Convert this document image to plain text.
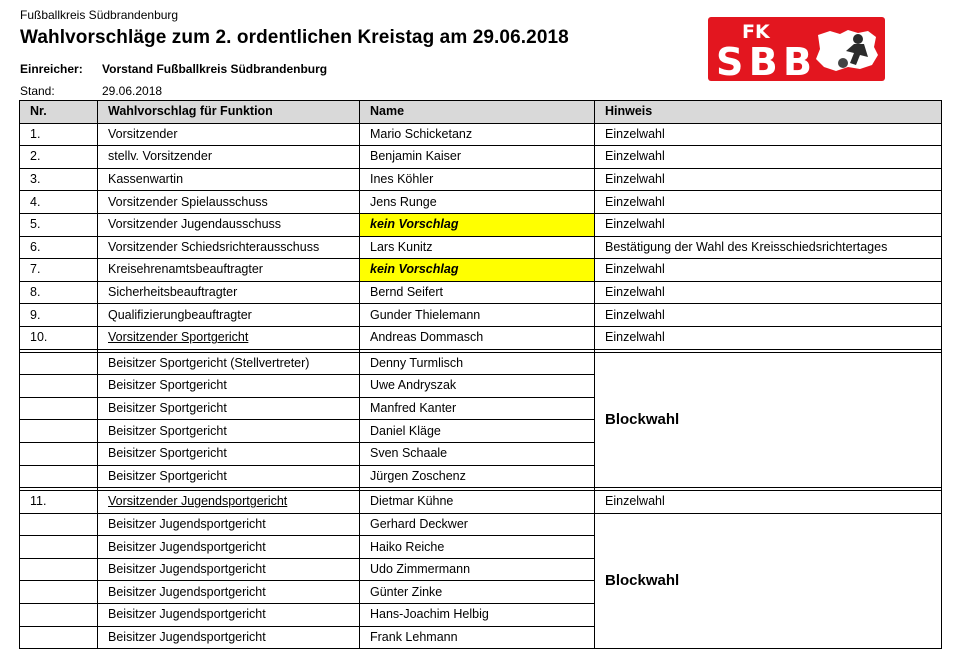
Fußballkreis Südbrandenburg
Wahlvorschläge zum 2. ordentlichen Kreistag am 29.06.2018
Einreicher: Vorstand Fußballkreis Südbrandenburg
Stand:	29.06.2018
FK
SBB
Nr.	Wahlvorschlag für Funktion	Name	Hinweis
1.	Vorsitzender	Mario Schicketanz	Einzelwahl
2.	stellv. Vorsitzender	Benjamin Kaiser	Einzelwahl
3.	Kassenwartin	Ines Köhler	Einzelwahl
4.	Vorsitzender Spielausschuss	Jens Runge	Einzelwahl
5.	Vorsitzender Jugendausschuss	kein Vorschlag	Einzelwahl
6.	Vorsitzender Schiedsrichterausschuss	Lars Kunitz	Bestätigung der Wahl des Kreisschiedsrichtertages
7.	Kreisehrenamtsbeauftragter	kein Vorschlag	Einzelwahl
8.	Sicherheitsbeauftragter	Bernd Seifert	Einzelwahl
9.	Qualifizierungbeauftragter	Gunder Thielemann	Einzelwahl
10.	Vorsitzender Sportgericht	Andreas Dommasch	Einzelwahl

	Beisitzer Sportgericht (Stellvertreter)	Denny Turmlisch	Blockwahl
	Beisitzer Sportgericht	Uwe Andryszak	
	Beisitzer Sportgericht	Manfred Kanter	
	Beisitzer Sportgericht	Daniel Kläge	
	Beisitzer Sportgericht	Sven Schaale	
	Beisitzer Sportgericht	Jürgen Zoschenz	

11.	Vorsitzender Jugendsportgericht	Dietmar Kühne	Einzelwahl
	Beisitzer Jugendsportgericht	Gerhard Deckwer	Blockwahl
	Beisitzer Jugendsportgericht	Haiko Reiche	
	Beisitzer Jugendsportgericht	Udo Zimmermann	
	Beisitzer Jugendsportgericht	Günter Zinke	
	Beisitzer Jugendsportgericht	Hans-Joachim Helbig	
	Beisitzer Jugendsportgericht	Frank Lehmann	
